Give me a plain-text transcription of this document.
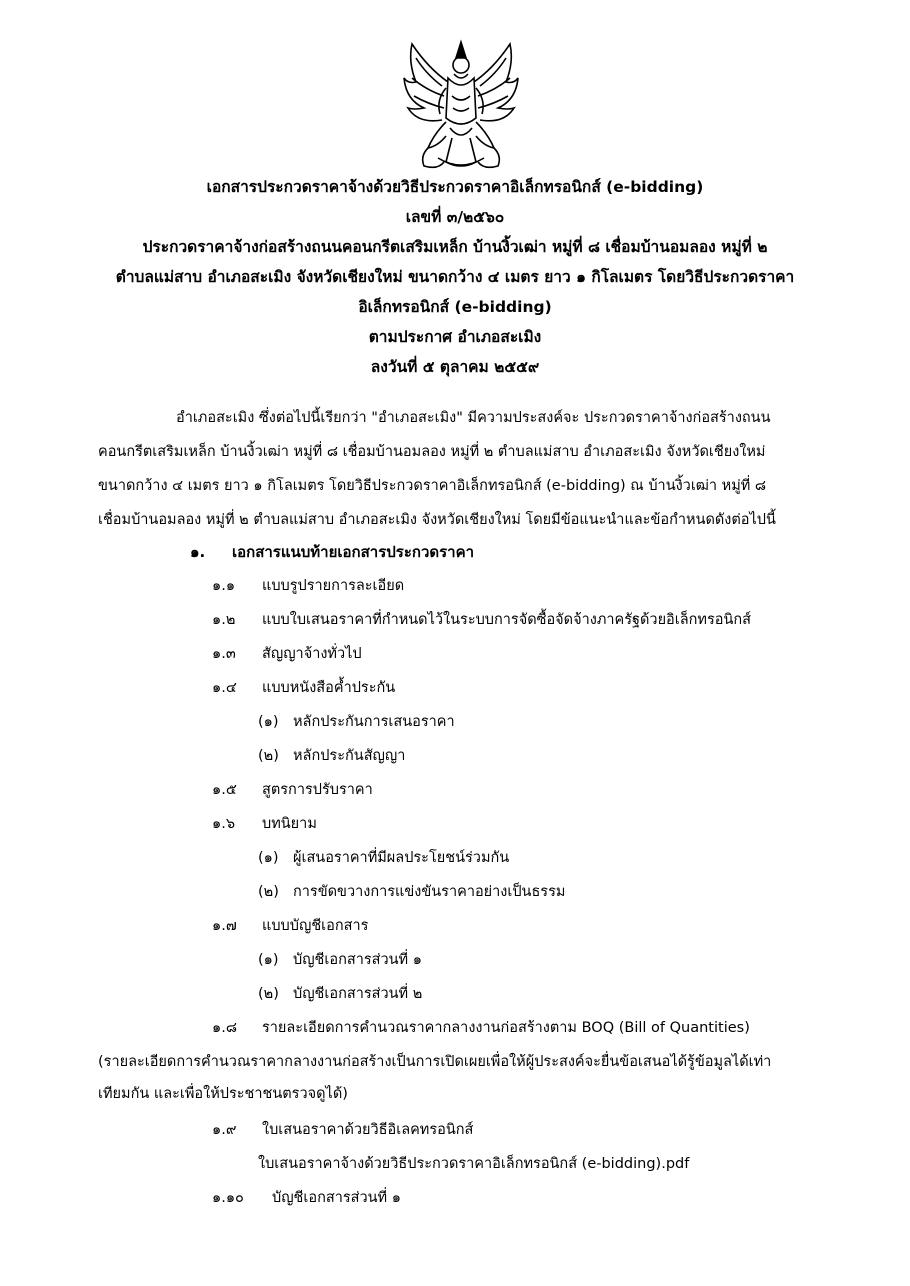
เอกสารประกวดราคาจ้างด้วยวิธีประกวดราคาอิเล็กทรอนิกส์ (e-bidding)
เลขที่ ๓/๒๕๖๐
ประกวดราคาจ้างก่อสร้างถนนคอนกรีตเสริมเหล็ก บ้านงิ้วเฒ่า หมู่ที่ ๘ เชื่อมบ้านอมลอง หมู่ที่ ๒
ตำบลแม่สาบ อำเภอสะเมิง จังหวัดเชียงใหม่ ขนาดกว้าง ๔ เมตร ยาว ๑ กิโลเมตร โดยวิธีประกวดราคา
อิเล็กทรอนิกส์ (e-bidding)
ตามประกาศ อำเภอสะเมิง
ลงวันที่ ๕ ตุลาคม ๒๕๕๙
อำเภอสะเมิง ซึ่งต่อไปนี้เรียกว่า "อำเภอสะเมิง" มีความประสงค์จะ ประกวดราคาจ้างก่อสร้างถนน
คอนกรีตเสริมเหล็ก บ้านงิ้วเฒ่า หมู่ที่ ๘ เชื่อมบ้านอมลอง หมู่ที่ ๒ ตำบลแม่สาบ อำเภอสะเมิง จังหวัดเชียงใหม่
ขนาดกว้าง ๔ เมตร ยาว ๑ กิโลเมตร โดยวิธีประกวดราคาอิเล็กทรอนิกส์ (e-bidding) ณ บ้านงิ้วเฒ่า หมู่ที่ ๘
เชื่อมบ้านอมลอง หมู่ที่ ๒ ตำบลแม่สาบ อำเภอสะเมิง จังหวัดเชียงใหม่ โดยมีข้อแนะนำและข้อกำหนดดังต่อไปนี้
๑. เอกสารแนบท้ายเอกสารประกวดราคา
๑.๑ แบบรูปรายการละเอียด
๑.๒ แบบใบเสนอราคาที่กำหนดไว้ในระบบการจัดซื้อจัดจ้างภาครัฐด้วยอิเล็กทรอนิกส์
๑.๓ สัญญาจ้างทั่วไป
๑.๔ แบบหนังสือค้ำประกัน
(๑) หลักประกันการเสนอราคา
(๒) หลักประกันสัญญา
๑.๕ สูตรการปรับราคา
๑.๖ บทนิยาม
(๑) ผู้เสนอราคาที่มีผลประโยชน์ร่วมกัน
(๒) การขัดขวางการแข่งขันราคาอย่างเป็นธรรม
๑.๗ แบบบัญชีเอกสาร
(๑) บัญชีเอกสารส่วนที่ ๑
(๒) บัญชีเอกสารส่วนที่ ๒
๑.๘ รายละเอียดการคำนวณราคากลางงานก่อสร้างตาม BOQ (Bill of Quantities)
(รายละเอียดการคำนวณราคากลางงานก่อสร้างเป็นการเปิดเผยเพื่อให้ผู้ประสงค์จะยื่นข้อเสนอได้รู้ข้อมูลได้เท่า
เทียมกัน และเพื่อให้ประชาชนตรวจดูได้)
๑.๙ ใบเสนอราคาด้วยวิธีอิเลคทรอนิกส์
ใบเสนอราคาจ้างด้วยวิธีประกวดราคาอิเล็กทรอนิกส์ (e-bidding).pdf
๑.๑๐ บัญชีเอกสารส่วนที่ ๑
